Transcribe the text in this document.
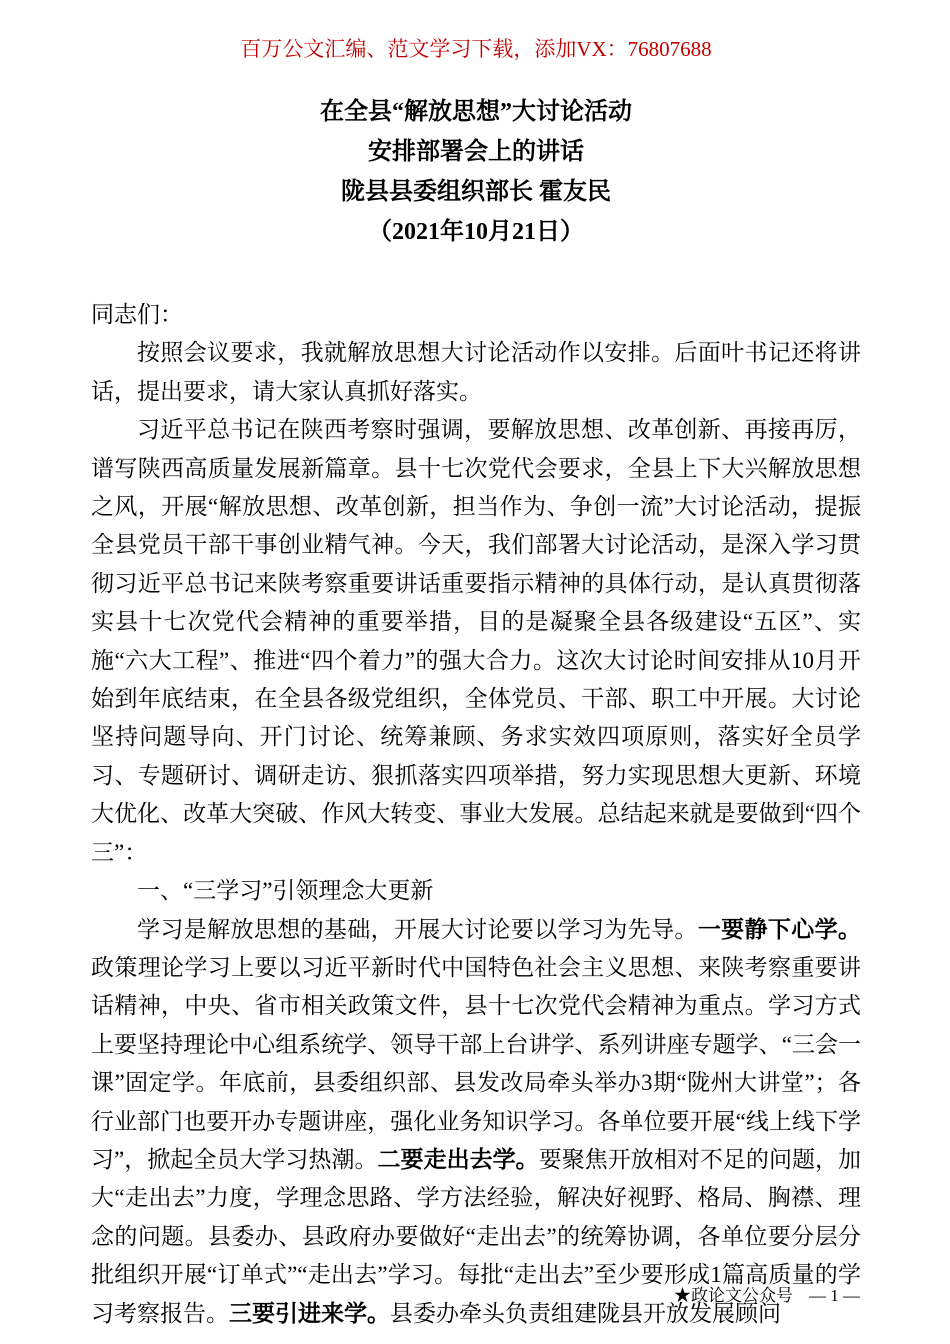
百万公文汇编、范文学习下载，添加VX：76807688
在全县“解放思想”大讨论活动
安排部署会上的讲话
陇县县委组织部长 霍友民
（2021年10月21日）

同志们：

按照会议要求，我就解放思想大讨论活动作以安排。后面叶书记还将讲话，提出要求，请大家认真抓好落实。

习近平总书记在陕西考察时强调，要解放思想、改革创新、再接再厉，谱写陕西高质量发展新篇章。县十七次党代会要求，全县上下大兴解放思想之风，开展“解放思想、改革创新，担当作为、争创一流”大讨论活动，提振全县党员干部干事创业精气神。今天，我们部署大讨论活动，是深入学习贯彻习近平总书记来陕考察重要讲话重要指示精神的具体行动，是认真贯彻落实县十七次党代会精神的重要举措，目的是凝聚全县各级建设“五区”、实施“六大工程”、推进“四个着力”的强大合力。这次大讨论时间安排从10月开始到年底结束，在全县各级党组织，全体党员、干部、职工中开展。大讨论坚持问题导向、开门讨论、统筹兼顾、务求实效四项原则，落实好全员学习、专题研讨、调研走访、狠抓落实四项举措，努力实现思想大更新、环境大优化、改革大突破、作风大转变、事业大发展。总结起来就是要做到“四个三”：

一、“三学习”引领理念大更新

学习是解放思想的基础，开展大讨论要以学习为先导。一要静下心学。政策理论学习上要以习近平新时代中国特色社会主义思想、来陕考察重要讲话精神，中央、省市相关政策文件，县十七次党代会精神为重点。学习方式上要坚持理论中心组系统学、领导干部上台讲学、系列讲座专题学、“三会一课”固定学。年底前，县委组织部、县发改局牵头举办3期“陇州大讲堂”；各行业部门也要开办专题讲座，强化业务知识学习。各单位要开展“线上线下学习”，掀起全员大学习热潮。二要走出去学。要聚焦开放相对不足的问题，加大“走出去”力度，学理念思路、学方法经验，解决好视野、格局、胸襟、理念的问题。县委办、县政府办要做好“走出去”的统筹协调，各单位要分层分批组织开展“订单式”“走出去”学习。每批“走出去”至少要形成1篇高质量的学习考察报告。三要引进来学。县委办牵头负责组建陇县开放发展顾问

★政论文公众号 — 1 —
